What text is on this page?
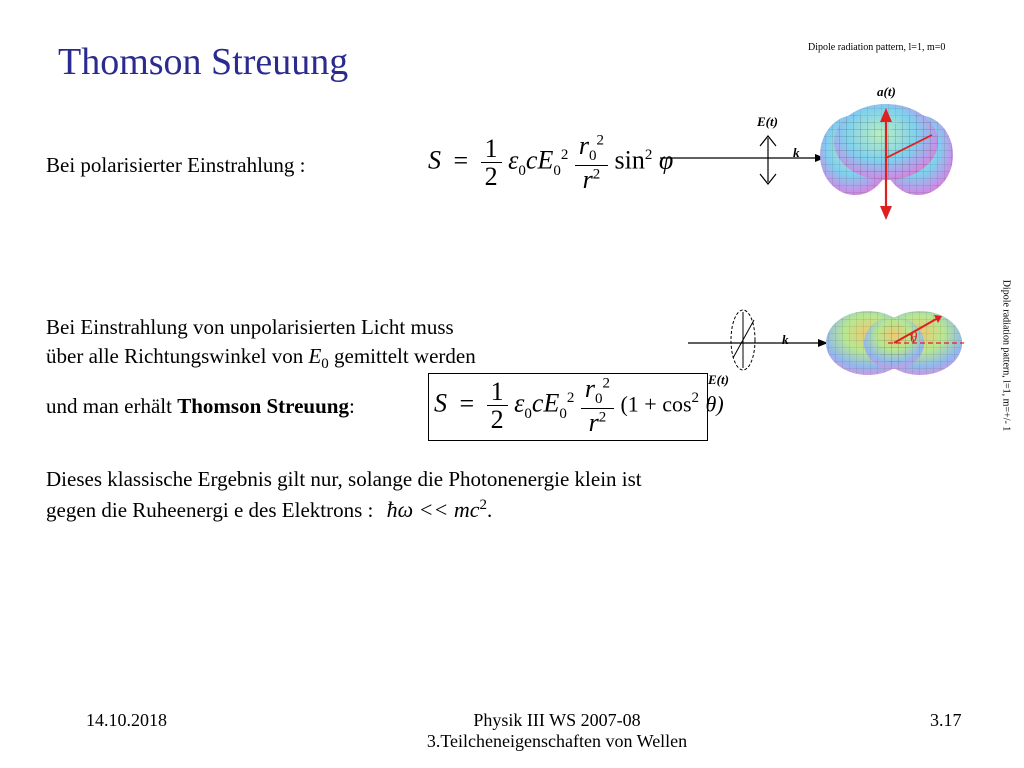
Thomson Streuung	Dipole radiation pattern, l=1, m=0
Bei polarisierter Einstrahlung :	$S = \frac{1}{2} \varepsilon_0cE_0^2 \frac{r_0^2}{r^2} \sin^2 \varphi$
a(t)
E(t)
k
Dipole radiation pattern, l=1, m=+/- 1
Bei Einstrahlung von unpolarisierten Licht muss
über alle Richtungswinkel von $E_0$ gemittelt werden
k
E(t)
θ
und man erhält Thomson Streuung:	$S = \frac{1}{2} \varepsilon_0cE_0^2 \frac{r_0^2}{r^2} (1 + \cos^2 \theta)$
Dieses klassische Ergebnis gilt nur, solange die Photonenergie klein ist
gegen die Ruheenergi e des Elektrons : ħω << $mc^2$.
14.10.2018	Physik III WS 2007-08
3.Teilcheneigenschaften von Wellen
3.17
